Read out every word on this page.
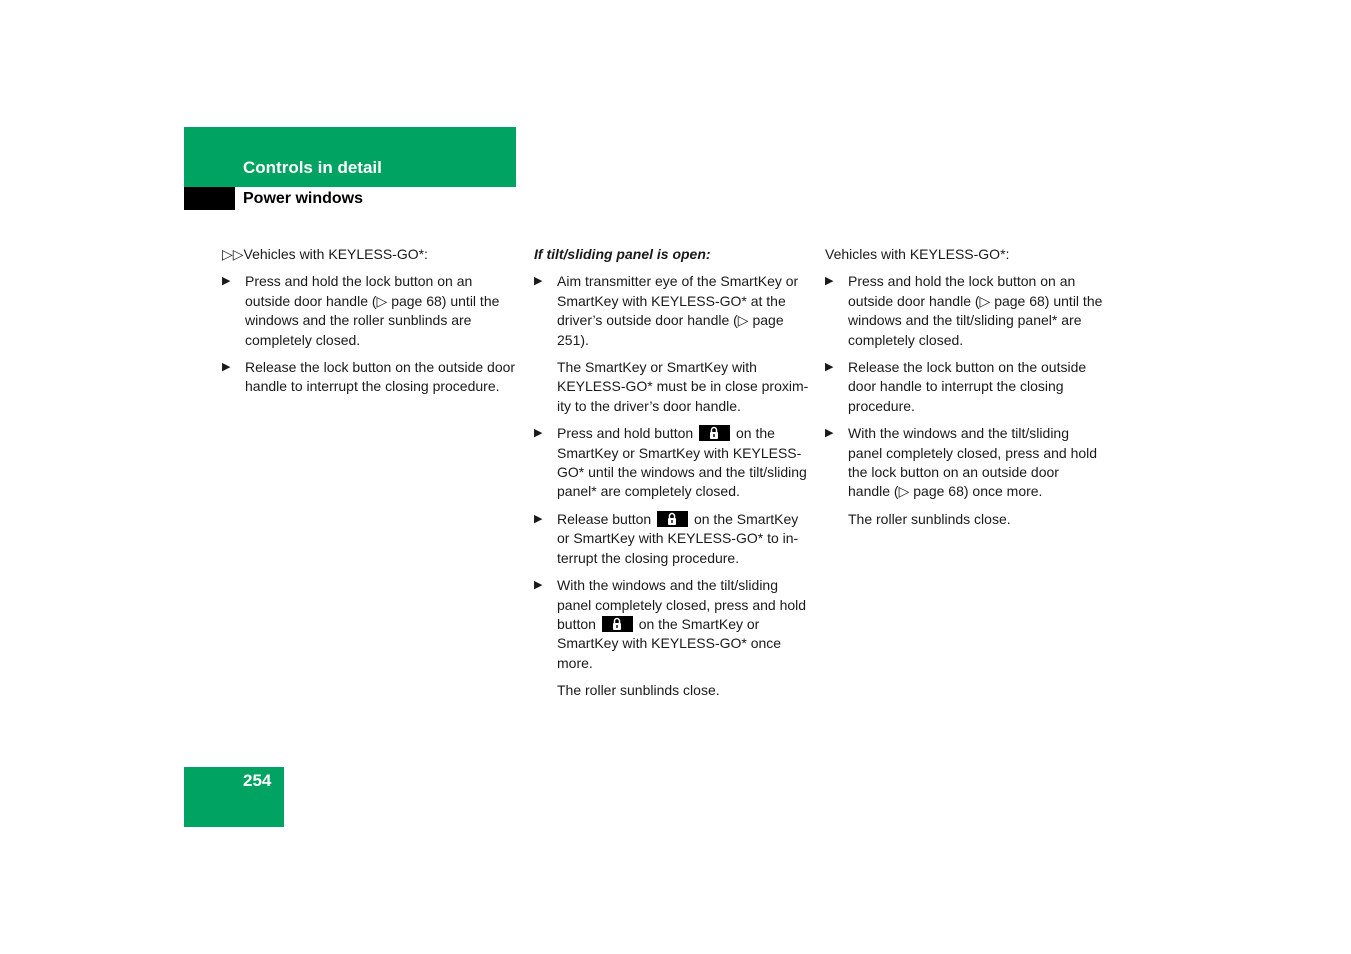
Controls in detail
Power windows

▷▷Vehicles with KEYLESS-GO*:

▶ Press and hold the lock button on an outside door handle (▷ page 68) until the windows and the roller sunblinds are completely closed.
▶ Release the lock button on the outside door handle to interrupt the closing procedure.

If tilt/sliding panel is open:

▶ Aim transmitter eye of the SmartKey or SmartKey with KEYLESS-GO* at the driver’s outside door handle (▷ page 251).

The SmartKey or SmartKey with KEYLESS-GO* must be in close proxim-ity to the driver’s door handle.

▶ Press and hold button	on the SmartKey or SmartKey with KEYLESS-GO* until the windows and the tilt/sliding panel* are completely closed.
▶ Release button	on the SmartKey or SmartKey with KEYLESS-GO* to in-terrupt the closing procedure.
▶ With the windows and the tilt/sliding panel completely closed, press and hold button	on the SmartKey or SmartKey with KEYLESS-GO* once more.

The roller sunblinds close.

Vehicles with KEYLESS-GO*:

▶ Press and hold the lock button on an outside door handle (▷ page 68) until the windows and the tilt/sliding panel* are completely closed.
▶ Release the lock button on the outside door handle to interrupt the closing procedure.
▶ With the windows and the tilt/sliding panel completely closed, press and hold the lock button on an outside door handle (▷ page 68) once more.

The roller sunblinds close.

254
